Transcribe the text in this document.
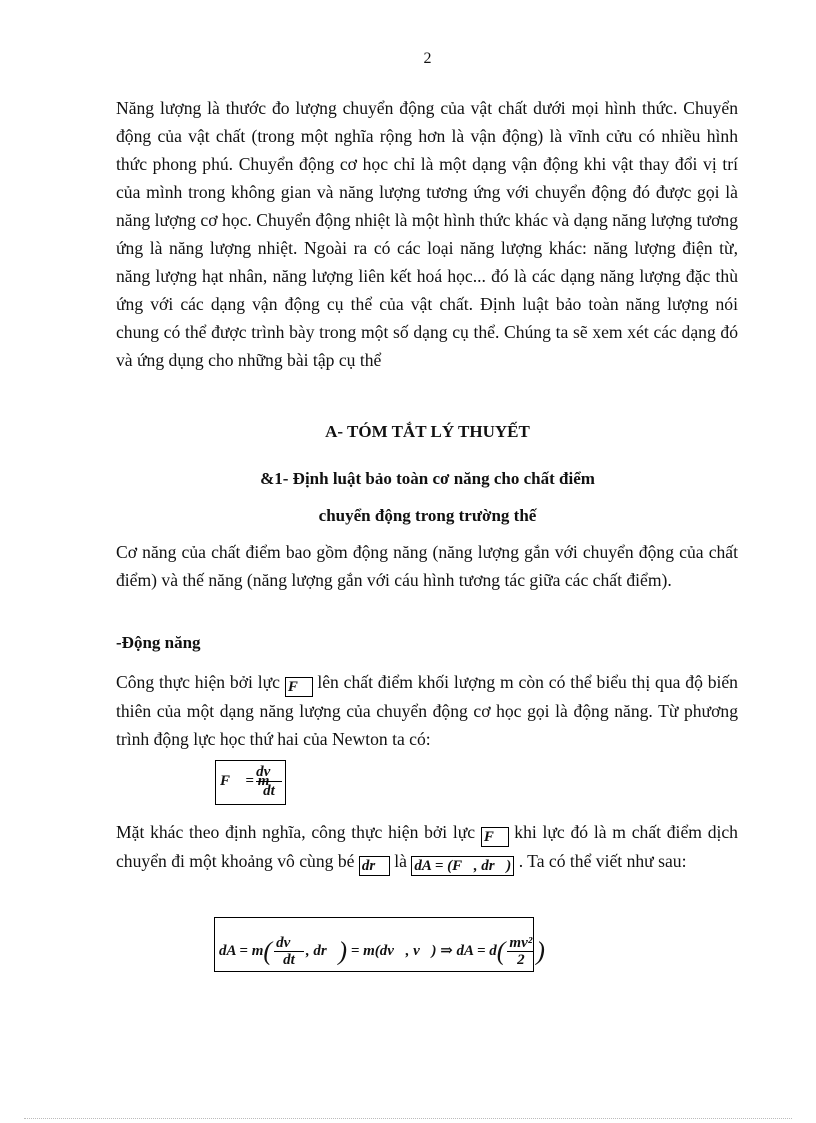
2

Năng lượng là thước đo lượng chuyển động của vật chất dưới mọi hình thức. Chuyển động của vật chất (trong một nghĩa rộng hơn là vận động) là vĩnh cửu có nhiều hình thức phong phú. Chuyển động cơ học chỉ là một dạng vận động khi vật thay đổi vị trí của mình trong không gian và năng lượng tương ứng với chuyển động đó được gọi là năng lượng cơ học. Chuyển động nhiệt là một hình thức khác và dạng năng lượng tương ứng là năng lượng nhiệt. Ngoài ra có các loại năng lượng khác: năng lượng điện từ, năng lượng hạt nhân, năng lượng liên kết hoá học... đó là các dạng năng lượng đặc thù ứng với các dạng vận động cụ thể của vật chất. Định luật bảo toàn năng lượng nói chung có thể được trình bày trong một số dạng cụ thể. Chúng ta sẽ xem xét các dạng đó và ứng dụng cho những bài tập cụ thể

A- TÓM TẮT LÝ THUYẾT
&1- Định luật bảo toàn cơ năng cho chất điểm
chuyển động trong trường thế

Cơ năng của chất điểm bao gồm động năng (năng lượng gắn với chuyển động của chất điểm) và thế năng (năng lượng gắn với cáu hình tương tác giữa các chất điểm).

-Động năng

Công thực hiện bởi lực F⃗ lên chất điểm khối lượng m còn có thể biểu thị qua độ biến thiên của một dạng năng lượng của chuyển động cơ học gọi là động năng. Từ phương trình động lực học thứ hai của Newton ta có:

F⃗ = m
$\frac{dv⃗}{dt}$

Mặt khác theo định nghĩa, công thực hiện bởi lực F⃗ khi lực đó là m chất điểm dịch chuyển đi một khoảng vô cùng bé dr⃗ là dA = (F⃗, dr⃗) . Ta có thể viết như sau:

dA = $m( \frac{dv⃗}{dt}$ , dr⃗) = m(dv⃗, v⃗) ⇒ dA = $d( \frac{\text{mv²}}{2}$ )
